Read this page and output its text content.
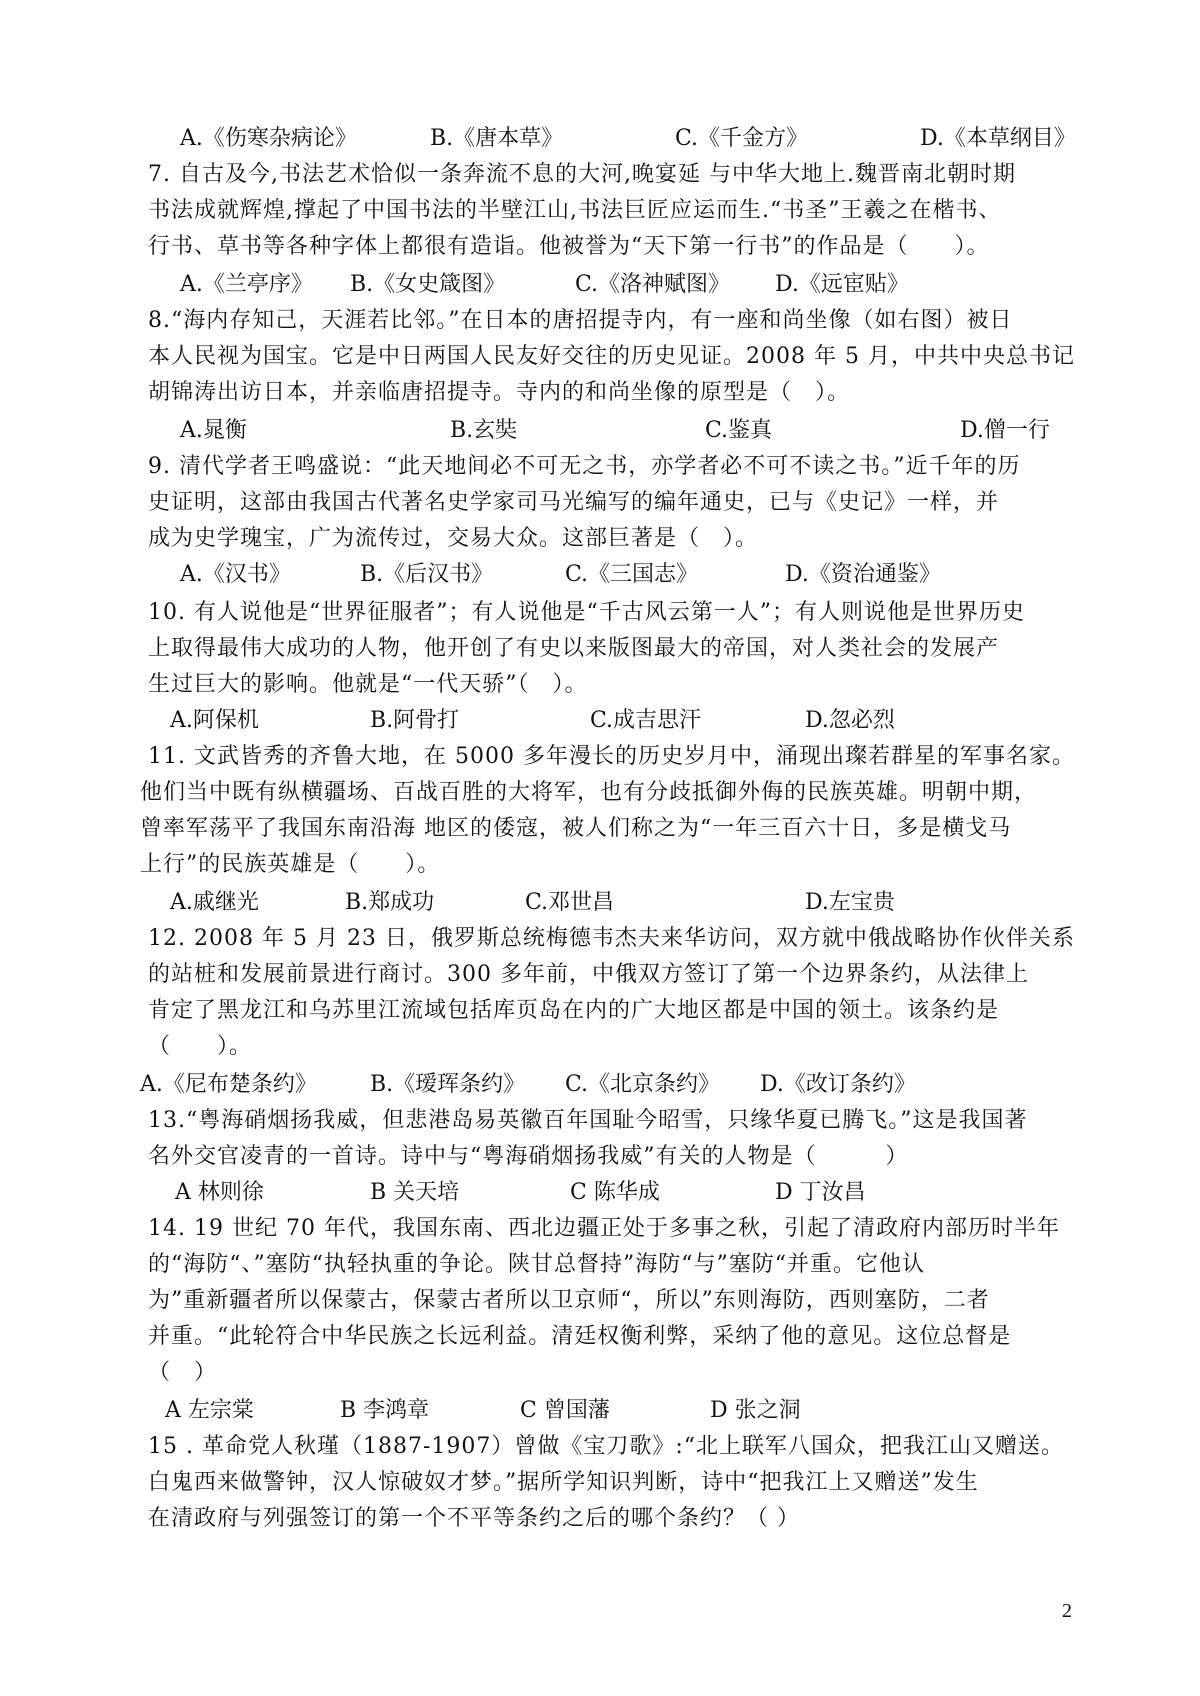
A.《伤寒杂病论》	B.《唐本草》	C.《千金方》	D.《本草纲目》
7. 自古及今,书法艺术恰似一条奔流不息的大河,晚宴延 与中华大地上.魏晋南北朝时期
书法成就辉煌,撑起了中国书法的半壁江山,书法巨匠应运而生.“书圣”王羲之在楷书、
行书、草书等各种字体上都很有造诣。他被誉为“天下第一行书”的作品是（　　）。
A.《兰亭序》 B.《女史箴图》	C.《洛神赋图》 D.《远宦贴》
8.“海内存知己，天涯若比邻。”在日本的唐招提寺内，有一座和尚坐像（如右图）被日
本人民视为国宝。它是中日两国人民友好交往的历史见证。2008 年 5 月，中共中央总书记
胡锦涛出访日本，并亲临唐招提寺。寺内的和尚坐像的原型是（　）。
A.晁衡	B.玄奘	C.鉴真	D.僧一行
9. 清代学者王鸣盛说：“此天地间必不可无之书，亦学者必不可不读之书。”近千年的历
史证明，这部由我国古代著名史学家司马光编写的编年通史，已与《史记》一样，并
成为史学瑰宝，广为流传过，交易大众。这部巨著是（　）。
A.《汉书》	B.《后汉书》	C.《三国志》	D.《资治通鉴》
10. 有人说他是“世界征服者”；有人说他是“千古风云第一人”；有人则说他是世界历史
上取得最伟大成功的人物，他开创了有史以来版图最大的帝国，对人类社会的发展产
生过巨大的影响。他就是“一代天骄”（　）。
A.阿保机	B.阿骨打	C.成吉思汗	D.忽必烈
11. 文武皆秀的齐鲁大地，在 5000 多年漫长的历史岁月中，涌现出璨若群星的军事名家。
他们当中既有纵横疆场、百战百胜的大将军，也有分歧抵御外侮的民族英雄。明朝中期，
曾率军荡平了我国东南沿海 地区的倭寇，被人们称之为“一年三百六十日，多是横戈马
上行”的民族英雄是（　　）。
A.戚继光	B.郑成功	C.邓世昌	D.左宝贵
12. 2008 年 5 月 23 日，俄罗斯总统梅德韦杰夫来华访问，双方就中俄战略协作伙伴关系
的站桩和发展前景进行商讨。300 多年前，中俄双方签订了第一个边界条约，从法律上
肯定了黑龙江和乌苏里江流域包括库页岛在内的广大地区都是中国的领土。该条约是
（　　）。
A.《尼布楚条约》 B.《瑷珲条约》 C.《北京条约》 D.《改订条约》
13.“粤海硝烟扬我威，但悲港岛易英徽百年国耻今昭雪，只缘华夏已腾飞。”这是我国著
名外交官凌青的一首诗。诗中与“粤海硝烟扬我威”有关的人物是（　　　）
A 林则徐	B 关天培	C 陈华成	D 丁汝昌
14. 19 世纪 70 年代，我国东南、西北边疆正处于多事之秋，引起了清政府内部历时半年
的“海防“、”塞防“执轻执重的争论。陕甘总督持”海防“与”塞防“并重。它他认
为”重新疆者所以保蒙古，保蒙古者所以卫京师“，所以”东则海防，西则塞防，二者
并重。“此轮符合中华民族之长远利益。清廷权衡利弊，采纳了他的意见。这位总督是
（　）
A 左宗棠	B 李鸿章	C 曾国藩	D 张之洞
15 . 革命党人秋瑾（1887-1907）曾做《宝刀歌》:“北上联军八国众，把我江山又赠送。
白鬼西来做警钟，汉人惊破奴才梦。”据所学知识判断，诗中“把我江上又赠送”发生
在清政府与列强签订的第一个不平等条约之后的哪个条约？（ ）
2
